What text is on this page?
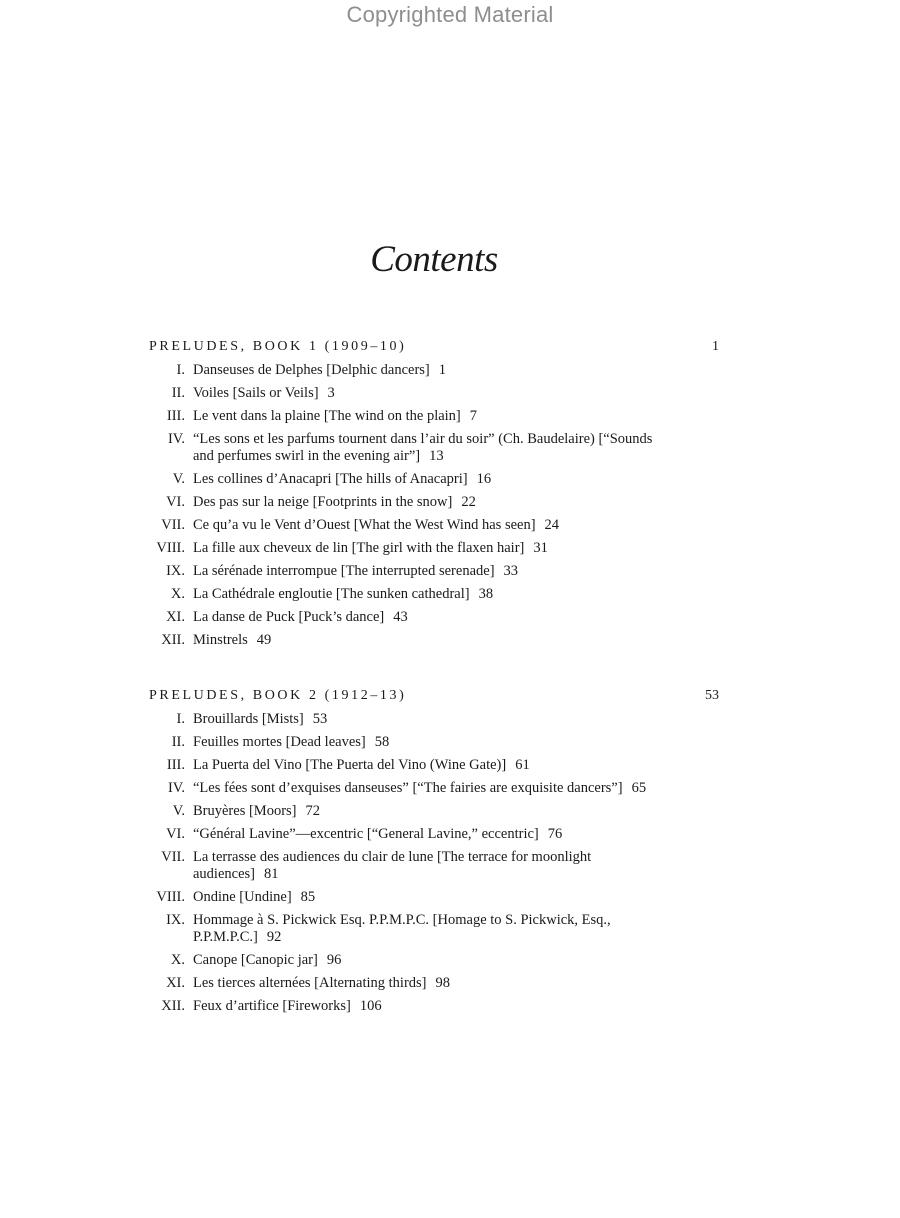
Copyrighted Material
Contents
PRELUDES, BOOK 1 (1909–10)	1
I. Danseuses de Delphes [Delphic dancers] 1
II. Voiles [Sails or Veils] 3
III. Le vent dans la plaine [The wind on the plain] 7
IV. “Les sons et les parfums tournent dans l’air du soir” (Ch. Baudelaire) [“Sounds and perfumes swirl in the evening air”] 13
V. Les collines d’Anacapri [The hills of Anacapri] 16
VI. Des pas sur la neige [Footprints in the snow] 22
VII. Ce qu’a vu le Vent d’Ouest [What the West Wind has seen] 24
VIII. La fille aux cheveux de lin [The girl with the flaxen hair] 31
IX. La sérénade interrompue [The interrupted serenade] 33
X. La Cathédrale engloutie [The sunken cathedral] 38
XI. La danse de Puck [Puck’s dance] 43
XII. Minstrels 49
PRELUDES, BOOK 2 (1912–13)	53
I. Brouillards [Mists] 53
II. Feuilles mortes [Dead leaves] 58
III. La Puerta del Vino [The Puerta del Vino (Wine Gate)] 61
IV. “Les fées sont d’exquises danseuses” [“The fairies are exquisite dancers”] 65
V. Bruyères [Moors] 72
VI. “Général Lavine”—excentric [“General Lavine,” eccentric] 76
VII. La terrasse des audiences du clair de lune [The terrace for moonlight audiences] 81
VIII. Ondine [Undine] 85
IX. Hommage à S. Pickwick Esq. P.P.M.P.C. [Homage to S. Pickwick, Esq., P.P.M.P.C.] 92
X. Canope [Canopic jar] 96
XI. Les tierces alternées [Alternating thirds] 98
XII. Feux d’artifice [Fireworks] 106
